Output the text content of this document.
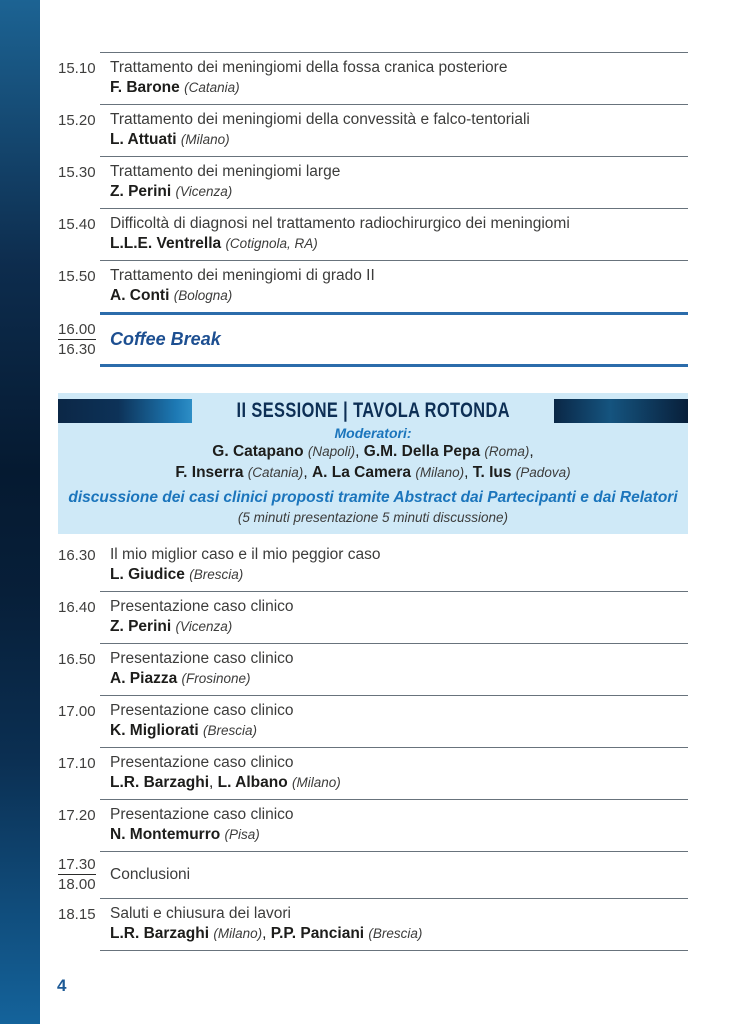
15.10 Trattamento dei meningiomi della fossa cranica posteriore
F. Barone (Catania)
15.20 Trattamento dei meningiomi della convessità e falco-tentoriali
L. Attuati (Milano)
15.30 Trattamento dei meningiomi large
Z. Perini (Vicenza)
15.40 Difficoltà di diagnosi nel trattamento radiochirurgico dei meningiomi
L.L.E. Ventrella (Cotignola, RA)
15.50 Trattamento dei meningiomi di grado II
A. Conti (Bologna)
16.00
16.30
Coffee Break
II SESSIONE | TAVOLA ROTONDA
Moderatori:
G. Catapano (Napoli), G.M. Della Pepa (Roma),
F. Inserra (Catania), A. La Camera (Milano), T. Ius (Padova)
discussione dei casi clinici proposti tramite Abstract dai Partecipanti e dai Relatori
(5 minuti presentazione 5 minuti discussione)
16.30 Il mio miglior caso e il mio peggior caso
L. Giudice (Brescia)
16.40 Presentazione caso clinico
Z. Perini (Vicenza)
16.50 Presentazione caso clinico
A. Piazza (Frosinone)
17.00 Presentazione caso clinico
K. Migliorati (Brescia)
17.10 Presentazione caso clinico
L.R. Barzaghi, L. Albano (Milano)
17.20 Presentazione caso clinico
N. Montemurro (Pisa)
17.30
18.00
Conclusioni
18.15 Saluti e chiusura dei lavori
L.R. Barzaghi (Milano), P.P. Panciani (Brescia)
4
